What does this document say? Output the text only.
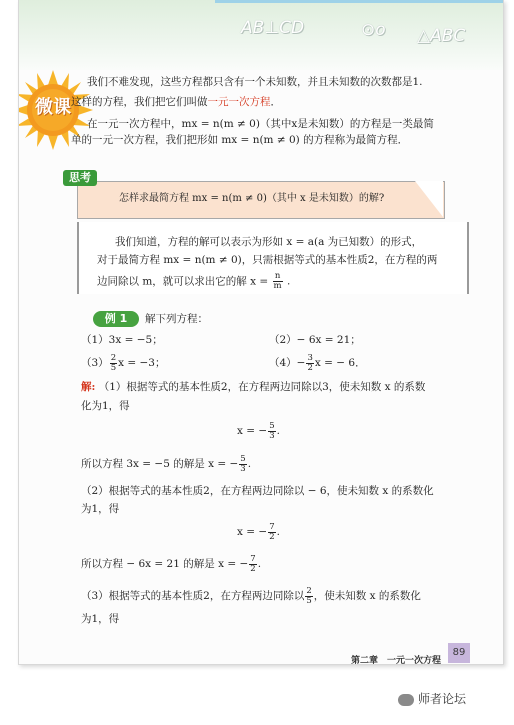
AB⊥CD	⊙o △ABC
微课
我们不难发现，这些方程都只含有一个未知数，并且未知数的次数都是1.
这样的方程，我们把它们叫做一元一次方程．
在一元一次方程中，mx = n(m ≠ 0)（其中x是未知数）的方程是一类最简
单的一元一次方程，我们把形如 mx = n(m ≠ 0) 的方程称为最简方程．
思考
怎样求最简方程 mx = n(m ≠ 0)（其中 x 是未知数）的解?
我们知道，方程的解可以表示为形如 x = a(a 为已知数）的形式，
对于最简方程 mx = n(m ≠ 0)，只需根据等式的基本性质2，在方程的两
边同除以 m，就可以求出它的解 $x = \frac{n}{m}$ .
例 1	解下列方程：
（1）3x = −5；	（2）− 6x = 21；
$(3) \frac{2}{5}$ x = −3；	$(4)- \frac{3}{2}$ x = − 6．
解: （1）根据等式的基本性质2，在方程两边同除以3，使未知数 x 的系数
化为1，得
x = − $\frac{5}{3}$ .
所以方程 3x = −5 的解是 x = − $\frac{5}{3}$ .
（2）根据等式的基本性质2，在方程两边同除以 − 6，使未知数 x 的系数化
为1，得
x = − $\frac{7}{2}$ .
所以方程 − 6x = 21 的解是 x = − $\frac{7}{2}$ .
（3）根据等式的基本性质2，在方程两边同除以 $\frac{2}{5}$ ，使未知数 x 的系数化
为1，得
第二章　一元一次方程
89
师者论坛
